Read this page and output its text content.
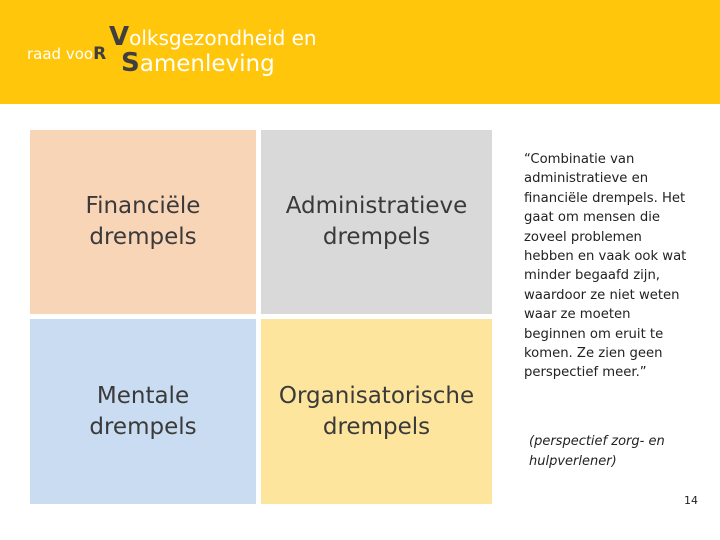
raad vooR
Volksgezondheid en
Samenleving
Financiële
drempels
Administratieve
drempels
Mentale
drempels
Organisatorische
drempels
“Combinatie van
administratieve en
financiële drempels. Het
gaat om mensen die
zoveel problemen
hebben en vaak ook wat
minder begaafd zijn,
waardoor ze niet weten
waar ze moeten
beginnen om eruit te
komen. Ze zien geen
perspectief meer.”
(perspectief zorg- en
hulpverlener)
14
